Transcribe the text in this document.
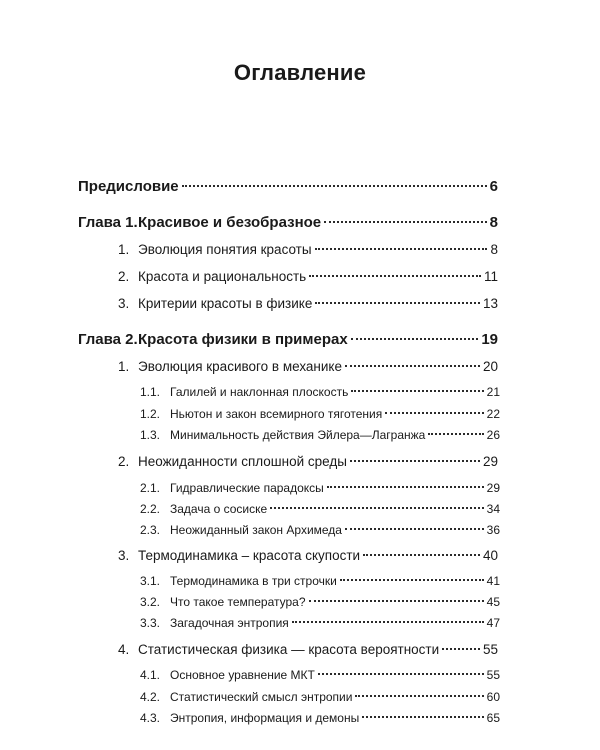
Оглавление
Предисловие	6
Глава 1. Красивое и безобразное	8
1. Эволюция понятия красоты	8
2. Красота и рациональность	11
3. Критерии красоты в физике	13
Глава 2. Красота физики в примерах	19
1. Эволюция красивого в механике	20
1.1. Галилей и наклонная плоскость	21
1.2. Ньютон и закон всемирного тяготения	22
1.3. Минимальность действия Эйлера—Лагранжа	26
2. Неожиданности сплошной среды	29
2.1. Гидравлические парадоксы	29
2.2. Задача о сосиске	34
2.3. Неожиданный закон Архимеда	36
3. Термодинамика – красота скупости	40
3.1. Термодинамика в три строчки	41
3.2. Что такое температура?	45
3.3. Загадочная энтропия	47
4. Статистическая физика — красота вероятности	55
4.1. Основное уравнение МКТ	55
4.2. Статистический смысл энтропии	60
4.3. Энтропия, информация и демоны	65
